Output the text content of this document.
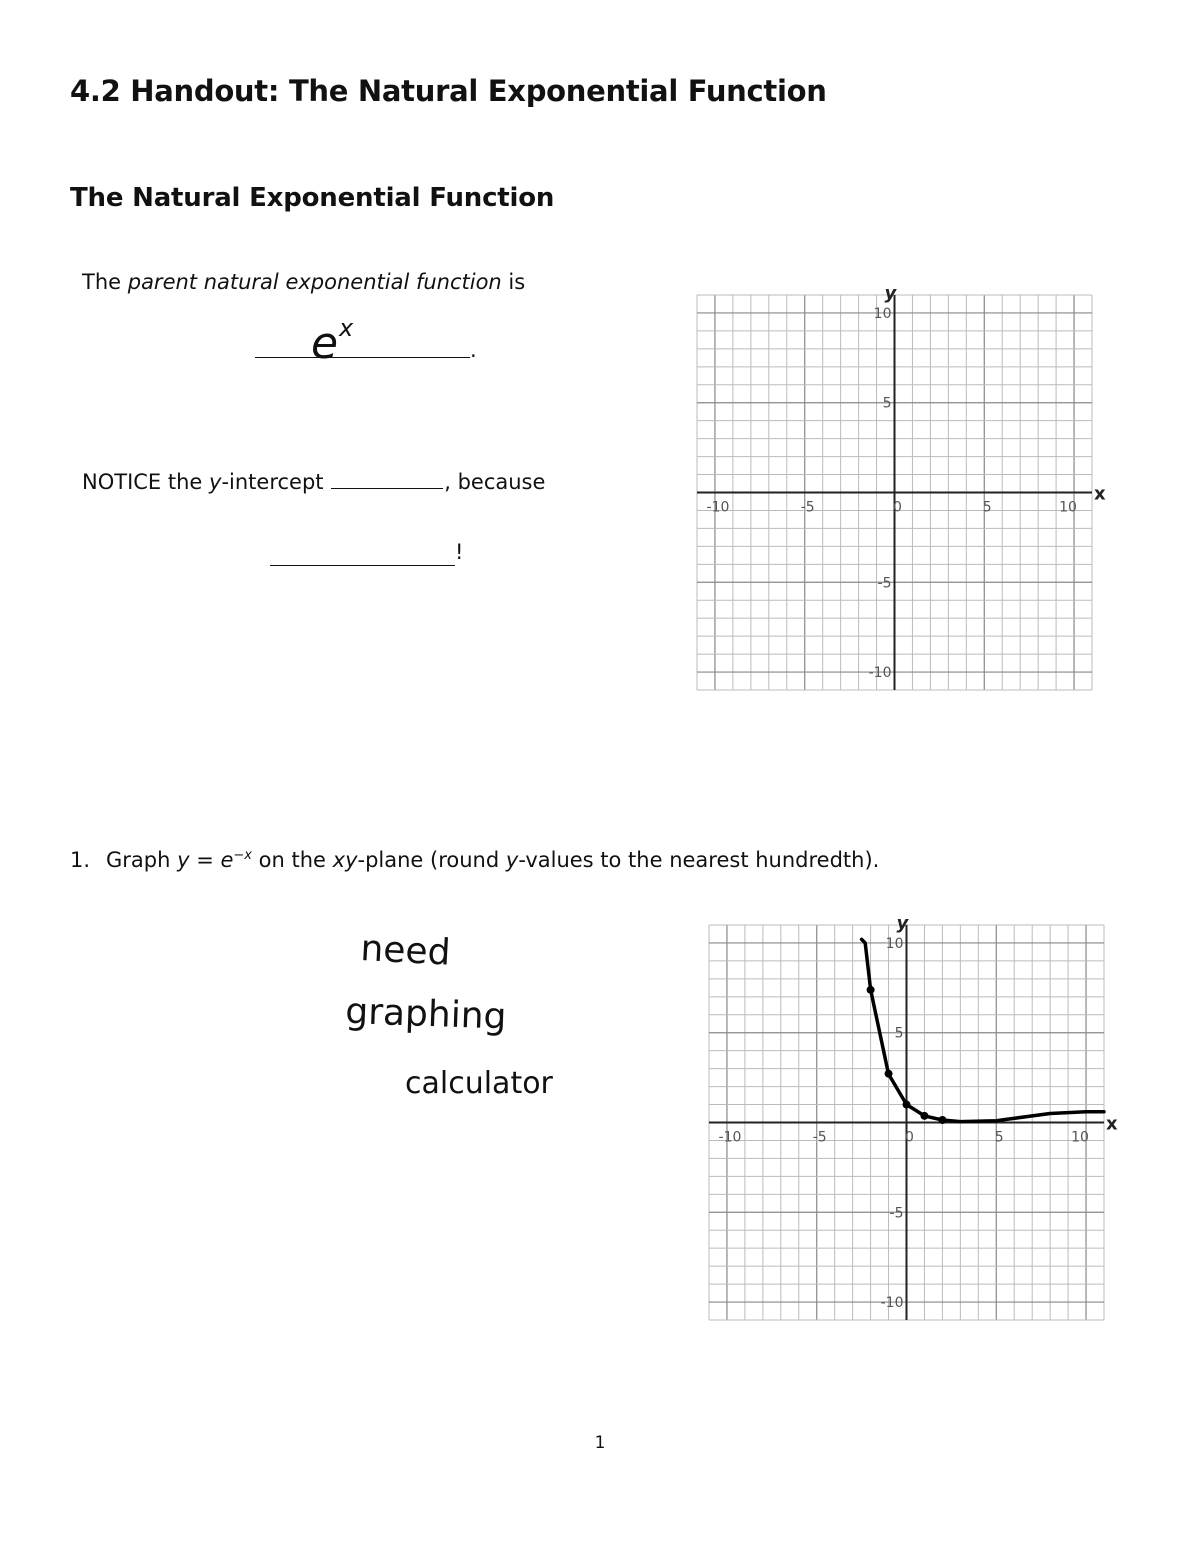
4.2 Handout: The Natural Exponential Function
The Natural Exponential Function
The parent natural exponential function is
.
e x
NOTICE the y-intercept	, because
!
1. Graph $y = e^{-x}$ on the xy-plane (round y-values to the nearest hundredth).
need
graphing
calculator
x
y
-10	-5	0	5	10
10
5
-5
-10
x
y
-10	-5	0	5	10
10
5
-5
-10
1
